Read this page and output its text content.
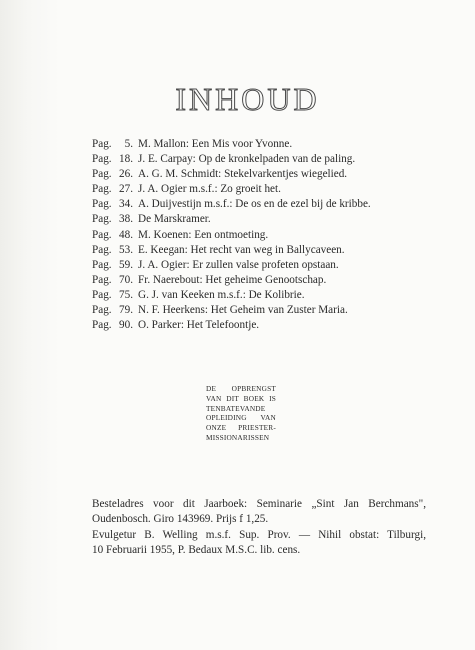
INHOUD
Pag.	5. M. Mallon: Een Mis voor Yvonne.
Pag. 18. J. E. Carpay: Op de kronkelpaden van de paling.
Pag. 26. A. G. M. Schmidt: Stekelvarkentjes wiegelied.
Pag. 27. J. A. Ogier m.s.f.: Zo groeit het.
Pag. 34. A. Duijvestijn m.s.f.: De os en de ezel bij de kribbe.
Pag. 38. De Marskramer.
Pag. 48. M. Koenen: Een ontmoeting.
Pag. 53. E. Keegan: Het recht van weg in Ballycaveen.
Pag. 59. J. A. Ogier: Er zullen valse profeten opstaan.
Pag. 70. Fr. Naerebout: Het geheime Genootschap.
Pag. 75. G. J. van Keeken m.s.f.: De Kolibrie.
Pag. 79. N. F. Heerkens: Het Geheim van Zuster Maria.
Pag. 90. O. Parker: Het Telefoontje.
DE OPBRENGST
VAN DIT BOEK IS
TENBATEVANDE
OPLEIDING VAN
ONZE PRIESTER-
MISSIONARISSEN

Besteladres voor dit Jaarboek: Seminarie „Sint Jan Berchmans",

Oudenbosch. Giro 143969. Prijs f 1,25.

Evulgetur B. Welling m.s.f. Sup. Prov. — Nihil obstat: Tilburgi,

10 Februarii 1955, P. Bedaux M.S.C. lib. cens.
